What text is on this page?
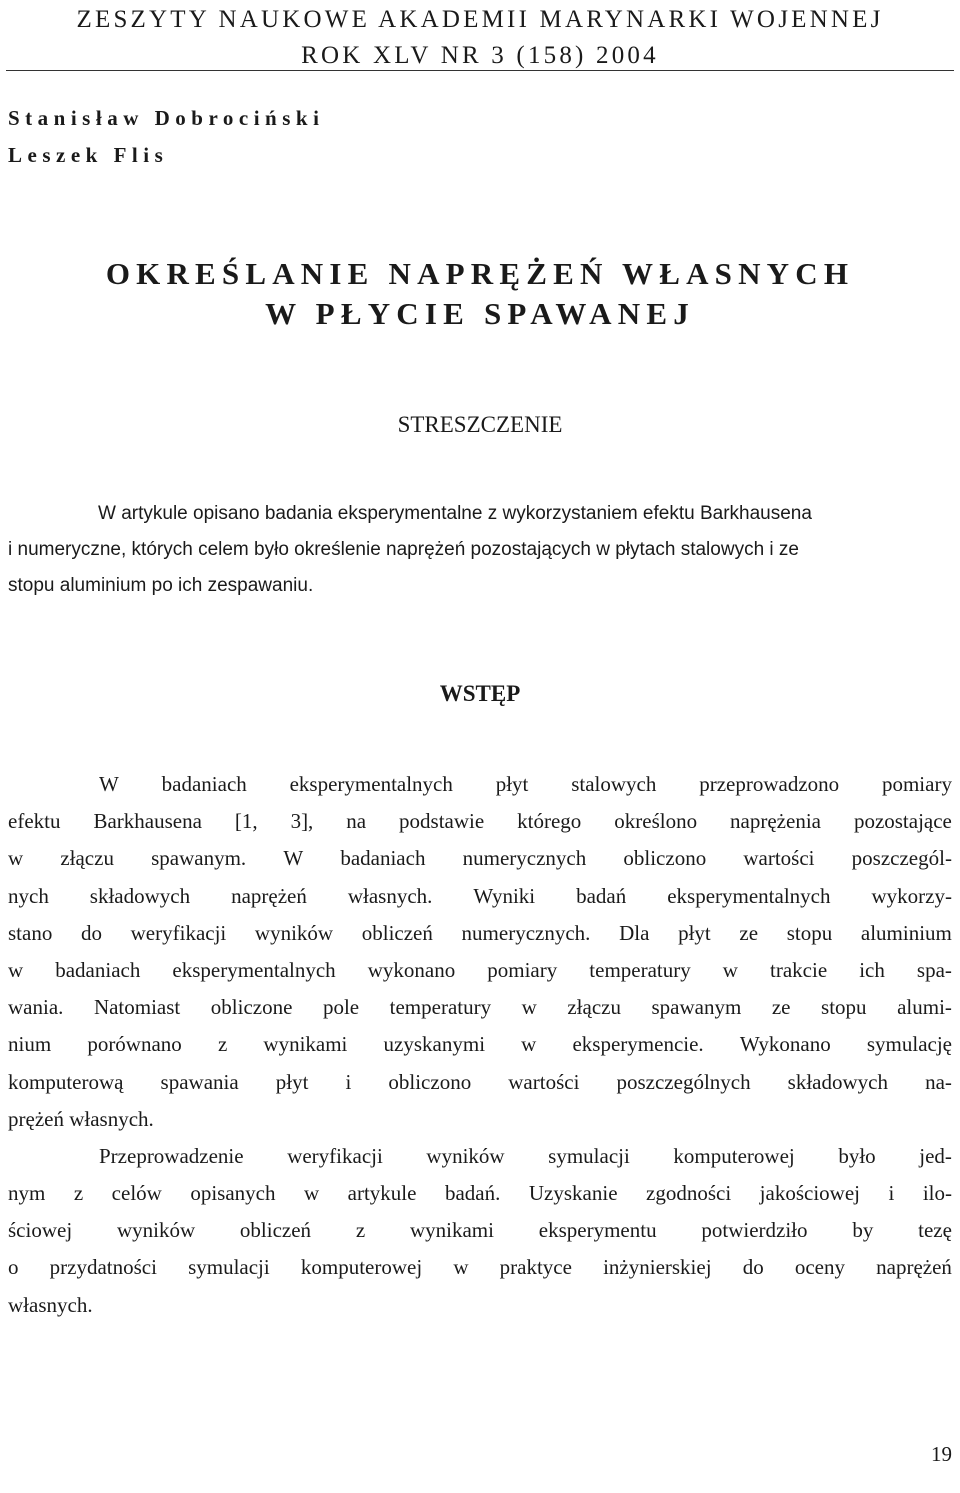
ZESZYTY NAUKOWE AKADEMII MARYNARKI WOJENNEJ
ROK XLV NR 3 (158) 2004
Stanisław Dobrociński
Leszek Flis
OKREŚLANIE NAPRĘŻEŃ WŁASNYCH
W PŁYCIE SPAWANEJ
STRESZCZENIE
W artykule opisano badania eksperymentalne z wykorzystaniem efektu Barkhausena
i numeryczne, których celem było określenie naprężeń pozostających w płytach stalowych i ze
stopu aluminium po ich zespawaniu.
WSTĘP
W badaniach eksperymentalnych płyt stalowych przeprowadzono pomiary
efektu Barkhausena [1, 3], na podstawie którego określono naprężenia pozostające
w złączu spawanym. W badaniach numerycznych obliczono wartości poszczegól-
nych składowych naprężeń własnych. Wyniki badań eksperymentalnych wykorzy-
stano do weryfikacji wyników obliczeń numerycznych. Dla płyt ze stopu aluminium
w badaniach eksperymentalnych wykonano pomiary temperatury w trakcie ich spa-
wania. Natomiast obliczone pole temperatury w złączu spawanym ze stopu alumi-
nium porównano z wynikami uzyskanymi w eksperymencie. Wykonano symulację
komputerową spawania płyt i obliczono wartości poszczególnych składowych na-
prężeń własnych.
Przeprowadzenie weryfikacji wyników symulacji komputerowej było jed-
nym z celów opisanych w artykule badań. Uzyskanie zgodności jakościowej i ilo-
ściowej wyników obliczeń z wynikami eksperymentu potwierdziło by tezę
o przydatności symulacji komputerowej w praktyce inżynierskiej do oceny naprężeń
własnych.
19
